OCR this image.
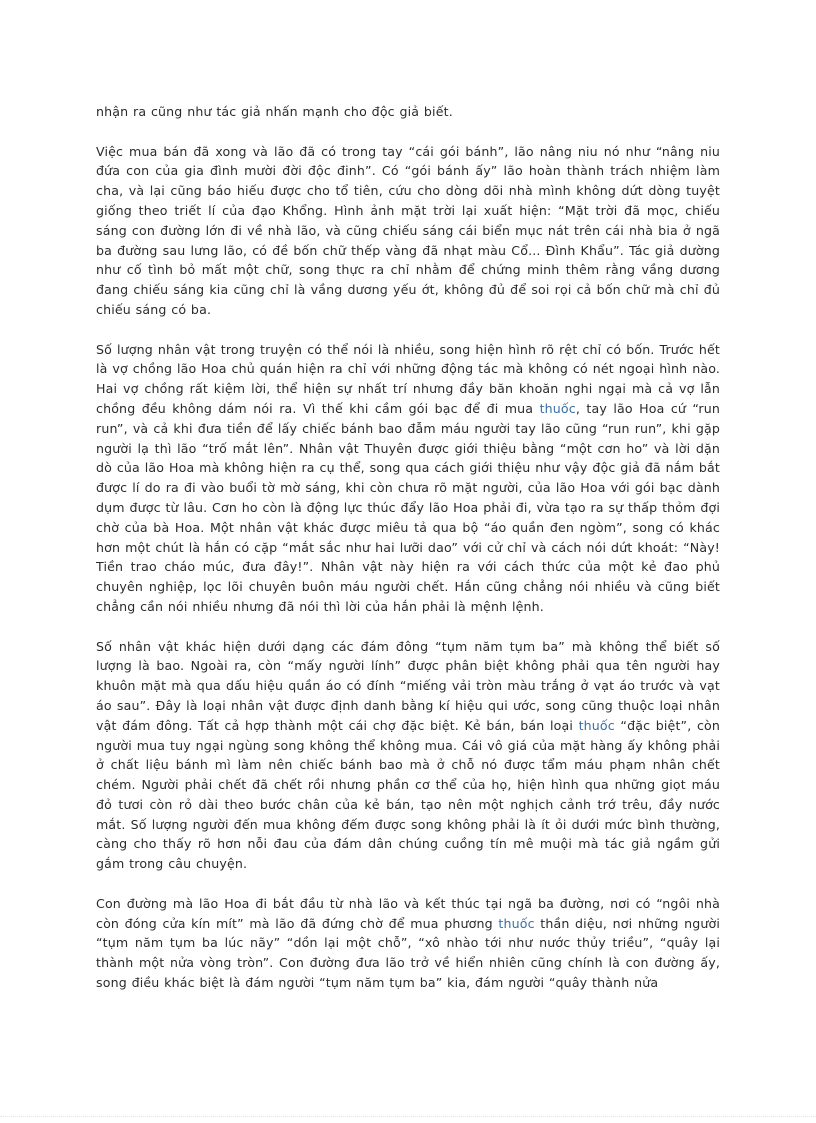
nhận ra cũng như tác giả nhấn mạnh cho độc giả biết.

Việc mua bán đã xong và lão đã có trong tay “cái gói bánh”, lão nâng niu nó như “nâng niu đứa con của gia đình mười đời độc đinh”. Có “gói bánh ấy” lão hoàn thành trách nhiệm làm cha, và lại cũng báo hiếu được cho tổ tiên, cứu cho dòng dõi nhà mình không dứt dòng tuyệt giống theo triết lí của đạo Khổng. Hình ảnh mặt trời lại xuất hiện: “Mặt trời đã mọc, chiếu sáng con đường lớn đi về nhà lão, và cũng chiếu sáng cái biển mục nát trên cái nhà bia ở ngã ba đường sau lưng lão, có đề bốn chữ thếp vàng đã nhạt màu Cổ... Đình Khẩu”. Tác giả dường như cố tình bỏ mất một chữ, song thực ra chỉ nhằm để chứng minh thêm rằng vầng dương đang chiếu sáng kia cũng chỉ là vầng dương yếu ớt, không đủ để soi rọi cả bốn chữ mà chỉ đủ chiếu sáng có ba.

Số lượng nhân vật trong truyện có thể nói là nhiều, song hiện hình rõ rệt chỉ có bốn. Trước hết là vợ chồng lão Hoa chủ quán hiện ra chỉ với những động tác mà không có nét ngoại hình nào. Hai vợ chồng rất kiệm lời, thể hiện sự nhất trí nhưng đầy băn khoăn nghi ngại mà cả vợ lẫn chồng đều không dám nói ra. Vì thế khi cầm gói bạc để đi mua thuốc, tay lão Hoa cứ “run run”, và cả khi đưa tiền để lấy chiếc bánh bao đẫm máu người tay lão cũng “run run”, khi gặp người lạ thì lão “trố mắt lên”. Nhân vật Thuyên được giới thiệu bằng “một cơn ho” và lời dặn dò của lão Hoa mà không hiện ra cụ thể, song qua cách giới thiệu như vậy độc giả đã nắm bắt được lí do ra đi vào buổi tờ mờ sáng, khi còn chưa rõ mặt người, của lão Hoa với gói bạc dành dụm được từ lâu. Cơn ho còn là động lực thúc đẩy lão Hoa phải đi, vừa tạo ra sự thấp thỏm đợi chờ của bà Hoa. Một nhân vật khác được miêu tả qua bộ “áo quần đen ngòm”, song có khác hơn một chút là hắn có cặp “mắt sắc như hai lưỡi dao” với cử chỉ và cách nói dứt khoát: “Này! Tiền trao cháo múc, đưa đây!”. Nhân vật này hiện ra với cách thức của một kẻ đao phủ chuyên nghiệp, lọc lõi chuyên buôn máu người chết. Hắn cũng chẳng nói nhiều và cũng biết chẳng cần nói nhiều nhưng đã nói thì lời của hắn phải là mệnh lệnh.

Số nhân vật khác hiện dưới dạng các đám đông “tụm năm tụm ba” mà không thể biết số lượng là bao. Ngoài ra, còn “mấy người lính” được phân biệt không phải qua tên người hay khuôn mặt mà qua dấu hiệu quần áo có đính “miếng vải tròn màu trắng ở vạt áo trước và vạt áo sau”. Đây là loại nhân vật được định danh bằng kí hiệu qui ước, song cũng thuộc loại nhân vật đám đông. Tất cả hợp thành một cái chợ đặc biệt. Kẻ bán, bán loại thuốc “đặc biệt”, còn người mua tuy ngại ngùng song không thể không mua. Cái vô giá của mặt hàng ấy không phải ở chất liệu bánh mì làm nên chiếc bánh bao mà ở chỗ nó được tẩm máu phạm nhân chết chém. Người phải chết đã chết rồi nhưng phần cơ thể của họ, hiện hình qua những giọt máu đỏ tươi còn rỏ dài theo bước chân của kẻ bán, tạo nên một nghịch cảnh trớ trêu, đầy nước mắt. Số lượng người đến mua không đếm được song không phải là ít ỏi dưới mức bình thường, càng cho thấy rõ hơn nỗi đau của đám dân chúng cuồng tín mê muội mà tác giả ngầm gửi gắm trong câu chuyện.

Con đường mà lão Hoa đi bắt đầu từ nhà lão và kết thúc tại ngã ba đường, nơi có “ngôi nhà còn đóng cửa kín mít” mà lão đã đứng chờ để mua phương thuốc thần diệu, nơi những người “tụm năm tụm ba lúc nãy” “dồn lại một chỗ”, “xô nhào tới như nước thủy triều”, “quây lại thành một nửa vòng tròn”. Con đường đưa lão trở về hiển nhiên cũng chính là con đường ấy, song điều khác biệt là đám người “tụm năm tụm ba” kia, đám người “quây thành nửa
